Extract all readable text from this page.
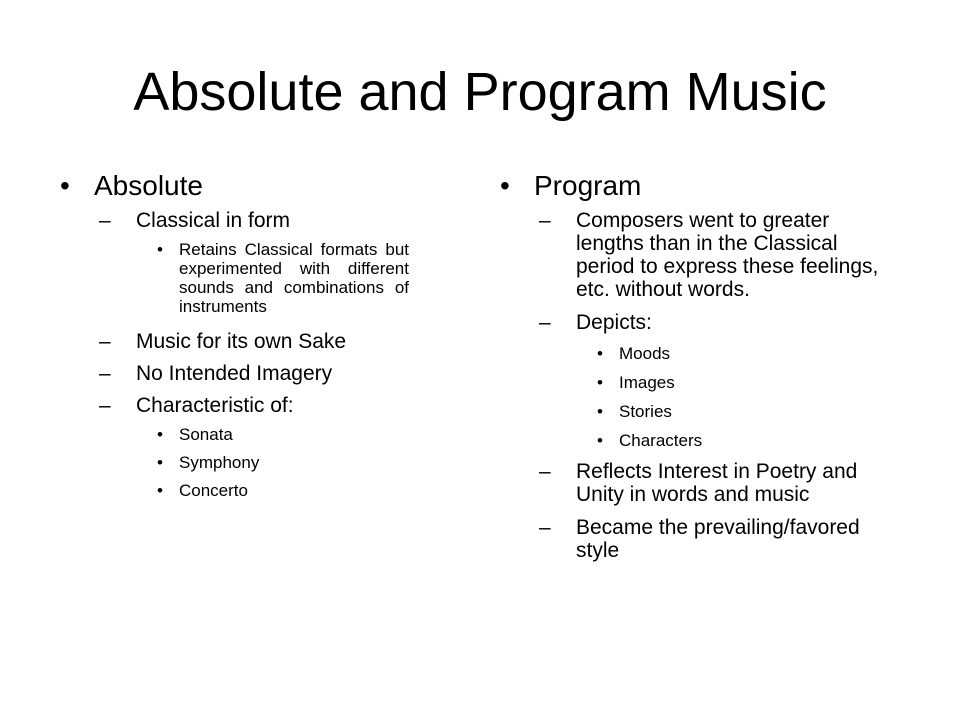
Absolute and Program Music
• Absolute
– Classical in form
• Retains Classical formats but experimented with different sounds and combinations of instruments
– Music for its own Sake
– No Intended Imagery
– Characteristic of:
• Sonata
• Symphony
• Concerto
• Program
– Composers went to greater lengths than in the Classical period to express these feelings, etc. without words.
– Depicts:
• Moods
• Images
• Stories
• Characters
– Reflects Interest in Poetry and Unity in words and music
– Became the prevailing/favored style
